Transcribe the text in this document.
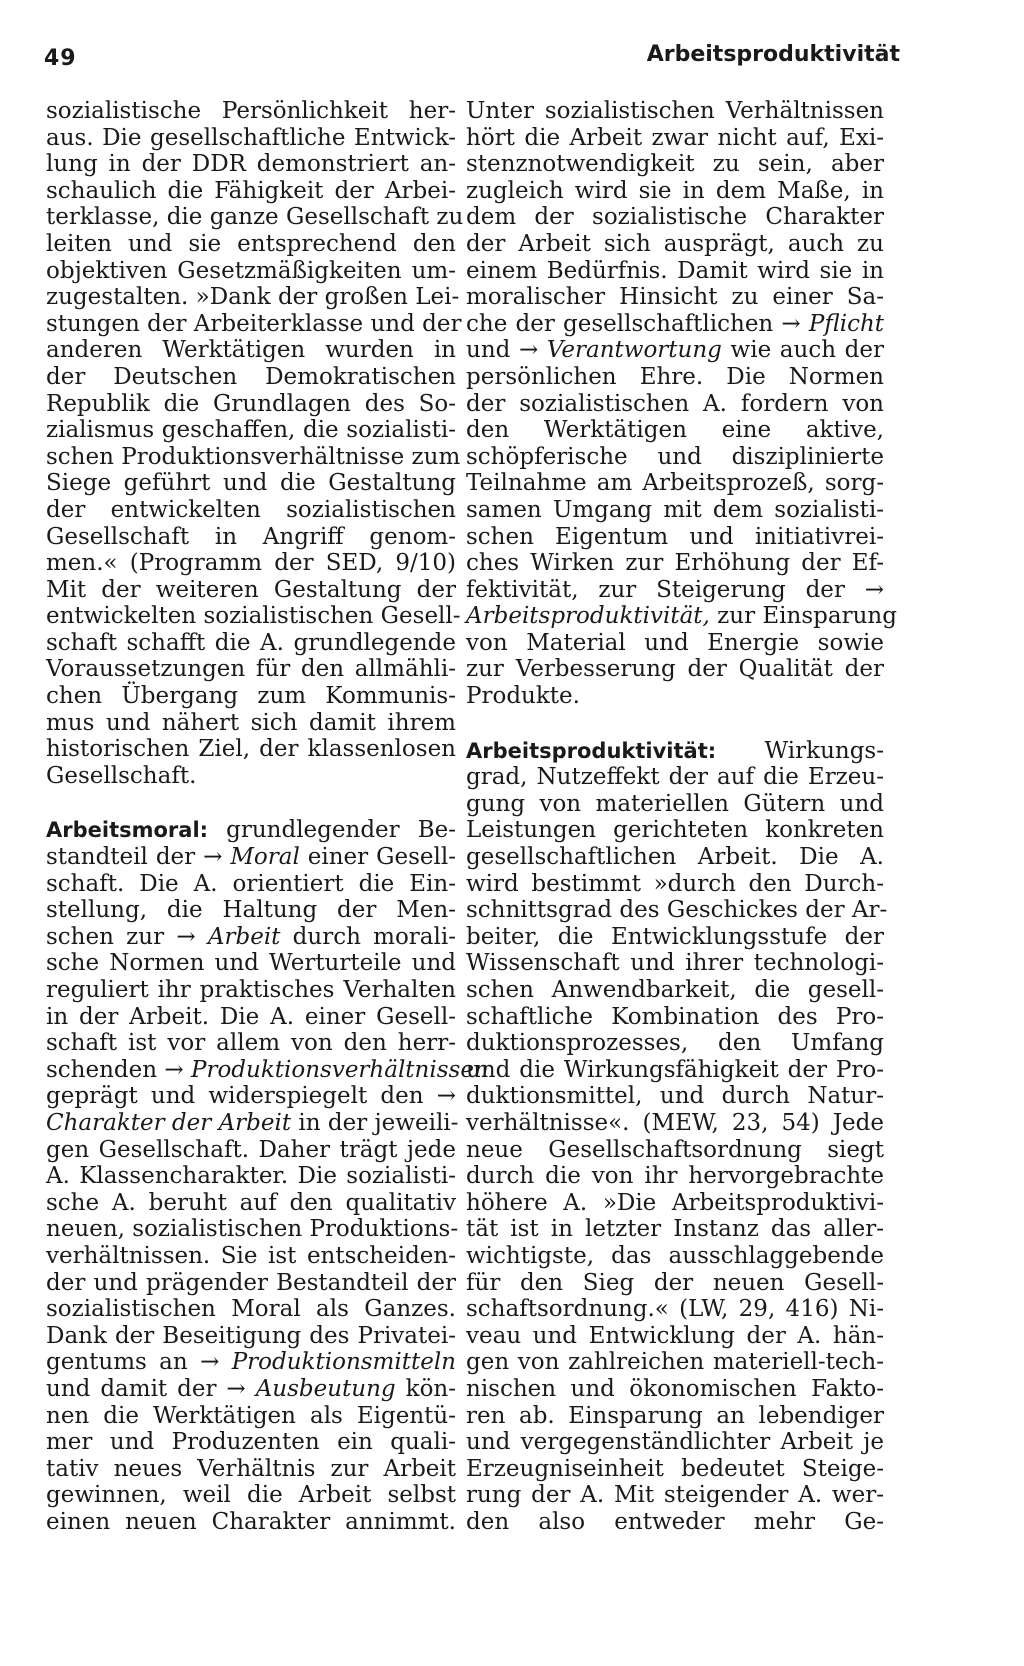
49	Arbeitsproduktivität
sozialistische Persönlichkeit her-
aus. Die gesellschaftliche Entwick-
lung in der DDR demonstriert an-
schaulich die Fähigkeit der Arbei-
terklasse, die ganze Gesellschaft zu
leiten und sie entsprechend den
objektiven Gesetzmäßigkeiten um-
zugestalten. »Dank der großen Lei-
stungen der Arbeiterklasse und der
anderen Werktätigen wurden in
der Deutschen Demokratischen
Republik die Grundlagen des So-
zialismus geschaffen, die sozialisti-
schen Produktionsverhältnisse zum
Siege geführt und die Gestaltung
der entwickelten sozialistischen
Gesellschaft in Angriff genom-
men.« (Programm der SED, 9/10)
Mit der weiteren Gestaltung der
entwickelten sozialistischen Gesell-
schaft schafft die A. grundlegende
Voraussetzungen für den allmähli-
chen Übergang zum Kommunis-
mus und nähert sich damit ihrem
historischen Ziel, der klassenlosen
Gesellschaft.
Arbeitsmoral: grundlegender Be-
standteil der → Moral einer Gesell-
schaft. Die A. orientiert die Ein-
stellung, die Haltung der Men-
schen zur → Arbeit durch morali-
sche Normen und Werturteile und
reguliert ihr praktisches Verhalten
in der Arbeit. Die A. einer Gesell-
schaft ist vor allem von den herr-
schenden → Produktionsverhältnissen
geprägt und widerspiegelt den →
Charakter der Arbeit in der jeweili-
gen Gesellschaft. Daher trägt jede
A. Klassencharakter. Die sozialisti-
sche A. beruht auf den qualitativ
neuen, sozialistischen Produktions-
verhältnissen. Sie ist entscheiden-
der und prägender Bestandteil der
sozialistischen Moral als Ganzes.
Dank der Beseitigung des Privatei-
gentums an → Produktionsmitteln
und damit der → Ausbeutung kön-
nen die Werktätigen als Eigentü-
mer und Produzenten ein quali-
tativ neues Verhältnis zur Arbeit
gewinnen, weil die Arbeit selbst
einen neuen Charakter annimmt.
Unter sozialistischen Verhältnissen
hört die Arbeit zwar nicht auf, Exi-
stenznotwendigkeit zu sein, aber
zugleich wird sie in dem Maße, in
dem der sozialistische Charakter
der Arbeit sich ausprägt, auch zu
einem Bedürfnis. Damit wird sie in
moralischer Hinsicht zu einer Sa-
che der gesellschaftlichen → Pflicht
und → Verantwortung wie auch der
persönlichen Ehre. Die Normen
der sozialistischen A. fordern von
den Werktätigen eine aktive,
schöpferische und disziplinierte
Teilnahme am Arbeitsprozeß, sorg-
samen Umgang mit dem sozialisti-
schen Eigentum und initiativrei-
ches Wirken zur Erhöhung der Ef-
fektivität, zur Steigerung der →
Arbeitsproduktivität, zur Einsparung
von Material und Energie sowie
zur Verbesserung der Qualität der
Produkte.
Arbeitsproduktivität: Wirkungs-
grad, Nutzeffekt der auf die Erzeu-
gung von materiellen Gütern und
Leistungen gerichteten konkreten
gesellschaftlichen Arbeit. Die A.
wird bestimmt »durch den Durch-
schnittsgrad des Geschickes der Ar-
beiter, die Entwicklungsstufe der
Wissenschaft und ihrer technologi-
schen Anwendbarkeit, die gesell-
schaftliche Kombination des Pro-
duktionsprozesses, den Umfang
und die Wirkungsfähigkeit der Pro-
duktionsmittel, und durch Natur-
verhältnisse«. (MEW, 23, 54) Jede
neue Gesellschaftsordnung siegt
durch die von ihr hervorgebrachte
höhere A. »Die Arbeitsproduktivi-
tät ist in letzter Instanz das aller-
wichtigste, das ausschlaggebende
für den Sieg der neuen Gesell-
schaftsordnung.« (LW, 29, 416) Ni-
veau und Entwicklung der A. hän-
gen von zahlreichen materiell-tech-
nischen und ökonomischen Fakto-
ren ab. Einsparung an lebendiger
und vergegenständlichter Arbeit je
Erzeugniseinheit bedeutet Steige-
rung der A. Mit steigender A. wer-
den also entweder mehr Ge-
